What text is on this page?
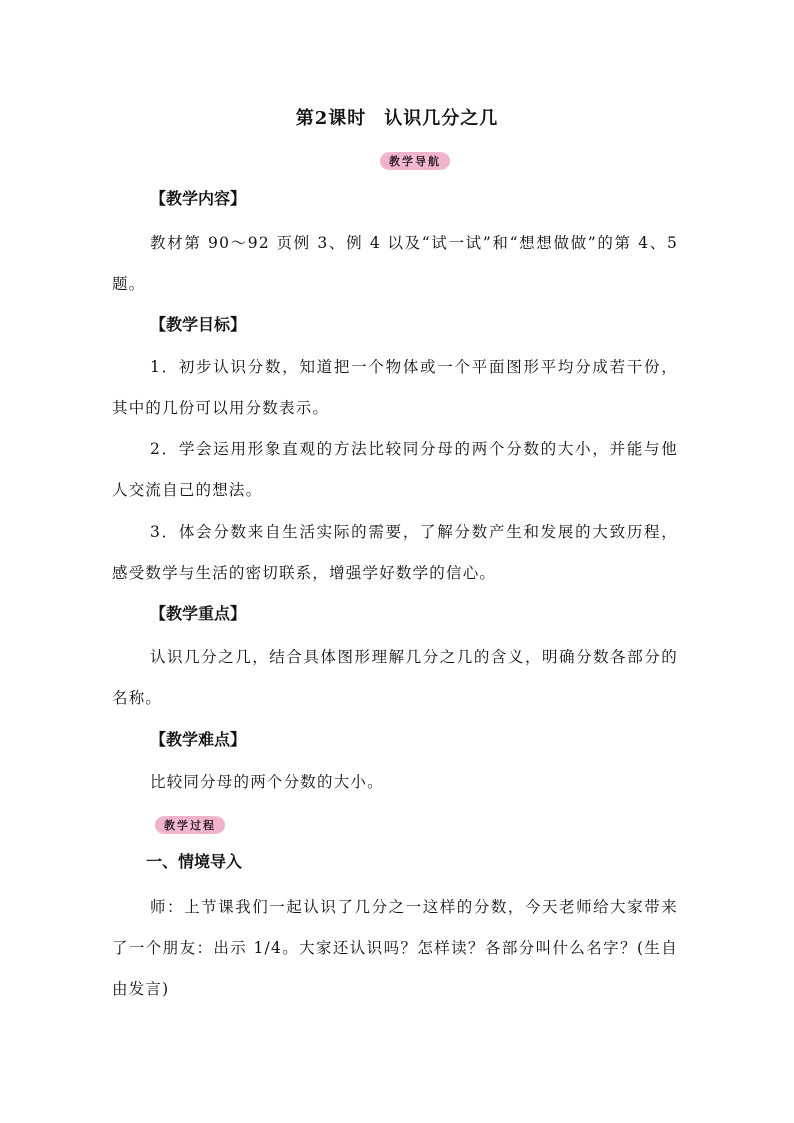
第2课时 认识几分之几
教学导航
【教学内容】
教材第 90～92 页例 3、例 4 以及“试一试”和“想想做做”的第 4、5 题。
【教学目标】
1．初步认识分数，知道把一个物体或一个平面图形平均分成若干份，其中的几份可以用分数表示。
2．学会运用形象直观的方法比较同分母的两个分数的大小，并能与他人交流自己的想法。
3．体会分数来自生活实际的需要，了解分数产生和发展的大致历程，感受数学与生活的密切联系，增强学好数学的信心。
【教学重点】
认识几分之几，结合具体图形理解几分之几的含义，明确分数各部分的名称。
【教学难点】
比较同分母的两个分数的大小。
教学过程
一、情境导入
师：上节课我们一起认识了几分之一这样的分数，今天老师给大家带来了一个朋友：出示 1/4。大家还认识吗？怎样读？各部分叫什么名字？(生自由发言)
